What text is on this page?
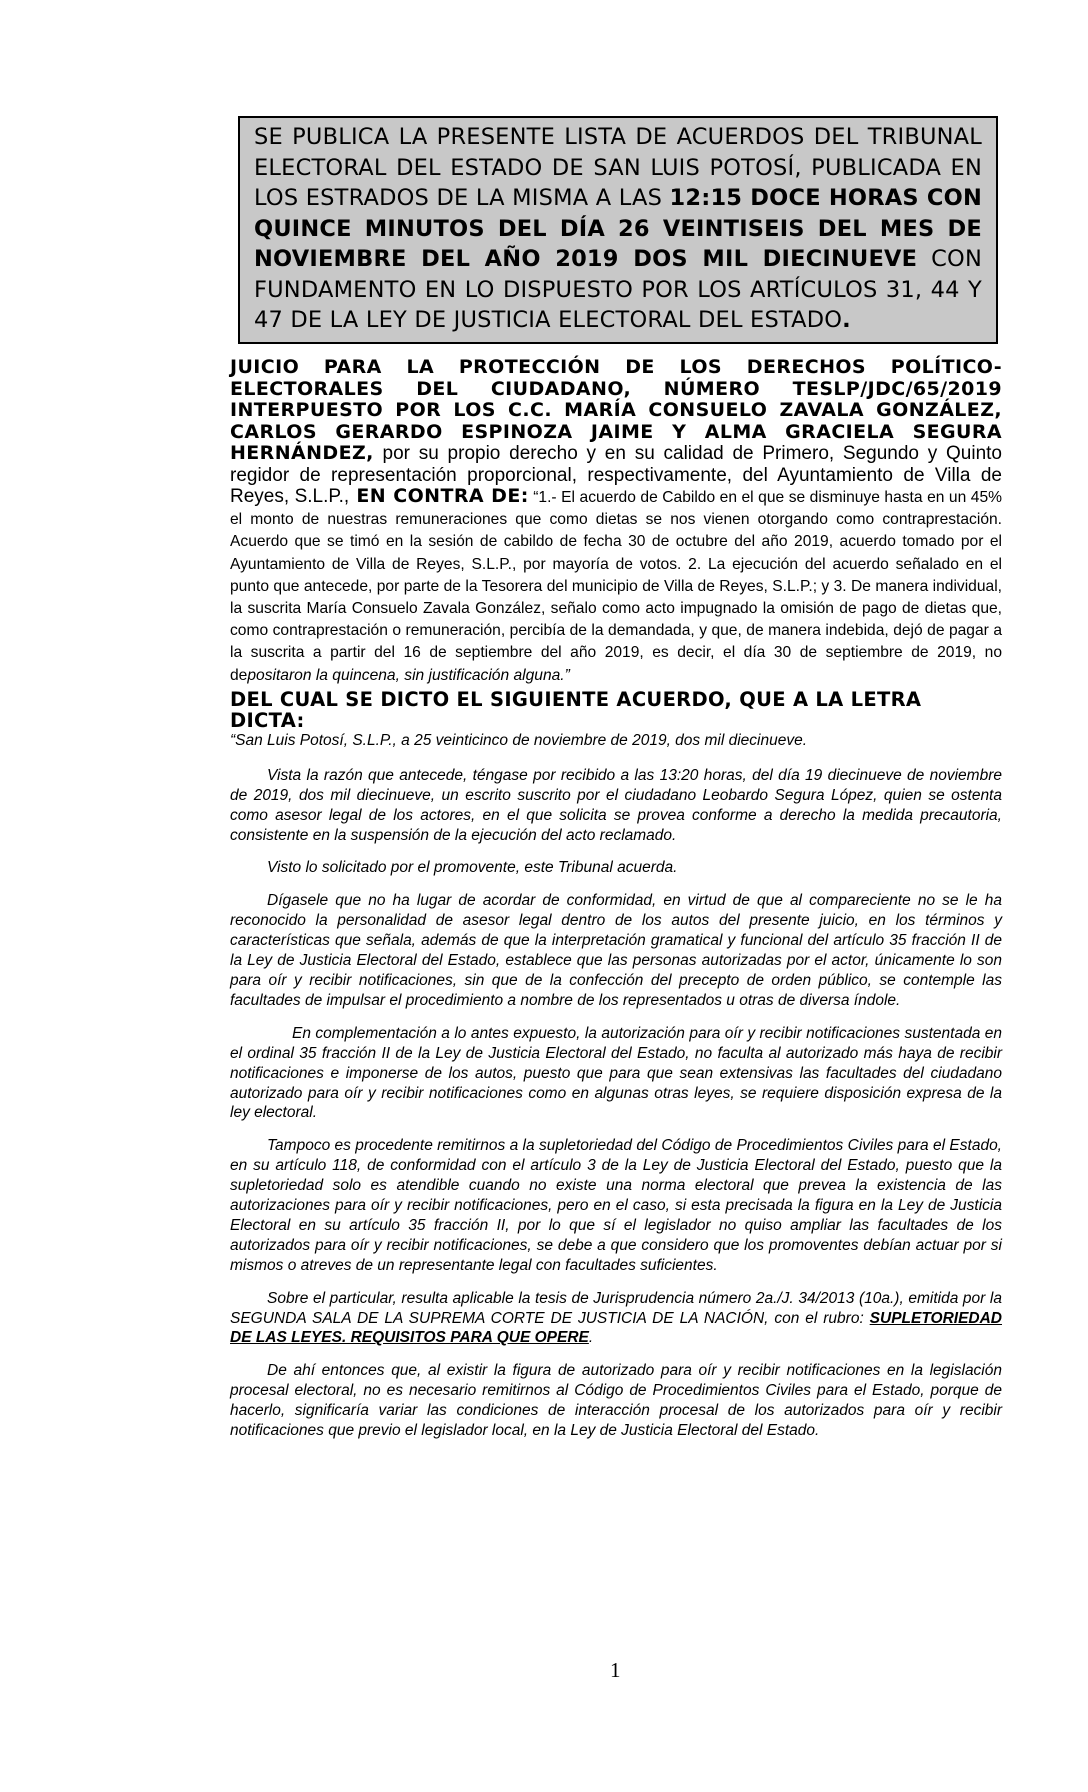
SE PUBLICA LA PRESENTE LISTA DE ACUERDOS DEL TRIBUNAL ELECTORAL DEL ESTADO DE SAN LUIS POTOSÍ, PUBLICADA EN LOS ESTRADOS DE LA MISMA A LAS 12:15 DOCE HORAS CON QUINCE MINUTOS DEL DÍA 26 VEINTISEIS DEL MES DE NOVIEMBRE DEL AÑO 2019 DOS MIL DIECINUEVE CON FUNDAMENTO EN LO DISPUESTO POR LOS ARTÍCULOS 31, 44 Y 47 DE LA LEY DE JUSTICIA ELECTORAL DEL ESTADO.
JUICIO PARA LA PROTECCIÓN DE LOS DERECHOS POLÍTICO-ELECTORALES DEL CIUDADANO, NÚMERO TESLP/JDC/65/2019 INTERPUESTO POR LOS C.C. MARÍA CONSUELO ZAVALA GONZÁLEZ, CARLOS GERARDO ESPINOZA JAIME Y ALMA GRACIELA SEGURA HERNÁNDEZ, por su propio derecho y en su calidad de Primero, Segundo y Quinto regidor de representación proporcional, respectivamente, del Ayuntamiento de Villa de Reyes, S.L.P., EN CONTRA DE: “1.- El acuerdo de Cabildo en el que se disminuye hasta en un 45% el monto de nuestras remuneraciones que como dietas se nos vienen otorgando como contraprestación. Acuerdo que se timó en la sesión de cabildo de fecha 30 de octubre del año 2019, acuerdo tomado por el Ayuntamiento de Villa de Reyes, S.L.P., por mayoría de votos. 2. La ejecución del acuerdo señalado en el punto que antecede, por parte de la Tesorera del municipio de Villa de Reyes, S.L.P.; y 3. De manera individual, la suscrita María Consuelo Zavala González, señalo como acto impugnado la omisión de pago de dietas que, como contraprestación o remuneración, percibía de la demandada, y que, de manera indebida, dejó de pagar a la suscrita a partir del 16 de septiembre del año 2019, es decir, el día 30 de septiembre de 2019, no depositaron la quincena, sin justificación alguna.”
DEL CUAL SE DICTO EL SIGUIENTE ACUERDO, QUE A LA LETRA DICTA:
“San Luis Potosí, S.L.P., a 25 veinticinco de noviembre de 2019, dos mil diecinueve.

Vista la razón que antecede, téngase por recibido a las 13:20 horas, del día 19 diecinueve de noviembre de 2019, dos mil diecinueve, un escrito suscrito por el ciudadano Leobardo Segura López, quien se ostenta como asesor legal de los actores, en el que solicita se provea conforme a derecho la medida precautoria, consistente en la suspensión de la ejecución del acto reclamado.

Visto lo solicitado por el promovente, este Tribunal acuerda.

Dígasele que no ha lugar de acordar de conformidad, en virtud de que al compareciente no se le ha reconocido la personalidad de asesor legal dentro de los autos del presente juicio, en los términos y características que señala, además de que la interpretación gramatical y funcional del artículo 35 fracción II de la Ley de Justicia Electoral del Estado, establece que las personas autorizadas por el actor, únicamente lo son para oír y recibir notificaciones, sin que de la confección del precepto de orden público, se contemple las facultades de impulsar el procedimiento a nombre de los representados u otras de diversa índole.

En complementación a lo antes expuesto, la autorización para oír y recibir notificaciones sustentada en el ordinal 35 fracción II de la Ley de Justicia Electoral del Estado, no faculta al autorizado más haya de recibir notificaciones e imponerse de los autos, puesto que para que sean extensivas las facultades del ciudadano autorizado para oír y recibir notificaciones como en algunas otras leyes, se requiere disposición expresa de la ley electoral.

Tampoco es procedente remitirnos a la supletoriedad del Código de Procedimientos Civiles para el Estado, en su artículo 118, de conformidad con el artículo 3 de la Ley de Justicia Electoral del Estado, puesto que la supletoriedad solo es atendible cuando no existe una norma electoral que prevea la existencia de las autorizaciones para oír y recibir notificaciones, pero en el caso, si esta precisada la figura en la Ley de Justicia Electoral en su artículo 35 fracción II, por lo que sí el legislador no quiso ampliar las facultades de los autorizados para oír y recibir notificaciones, se debe a que considero que los promoventes debían actuar por si mismos o atreves de un representante legal con facultades suficientes.

Sobre el particular, resulta aplicable la tesis de Jurisprudencia número 2a./J. 34/2013 (10a.), emitida por la SEGUNDA SALA DE LA SUPREMA CORTE DE JUSTICIA DE LA NACIÓN, con el rubro: SUPLETORIEDAD DE LAS LEYES. REQUISITOS PARA QUE OPERE.

De ahí entonces que, al existir la figura de autorizado para oír y recibir notificaciones en la legislación procesal electoral, no es necesario remitirnos al Código de Procedimientos Civiles para el Estado, porque de hacerlo, significaría variar las condiciones de interacción procesal de los autorizados para oír y recibir notificaciones que previo el legislador local, en la Ley de Justicia Electoral del Estado.

1
